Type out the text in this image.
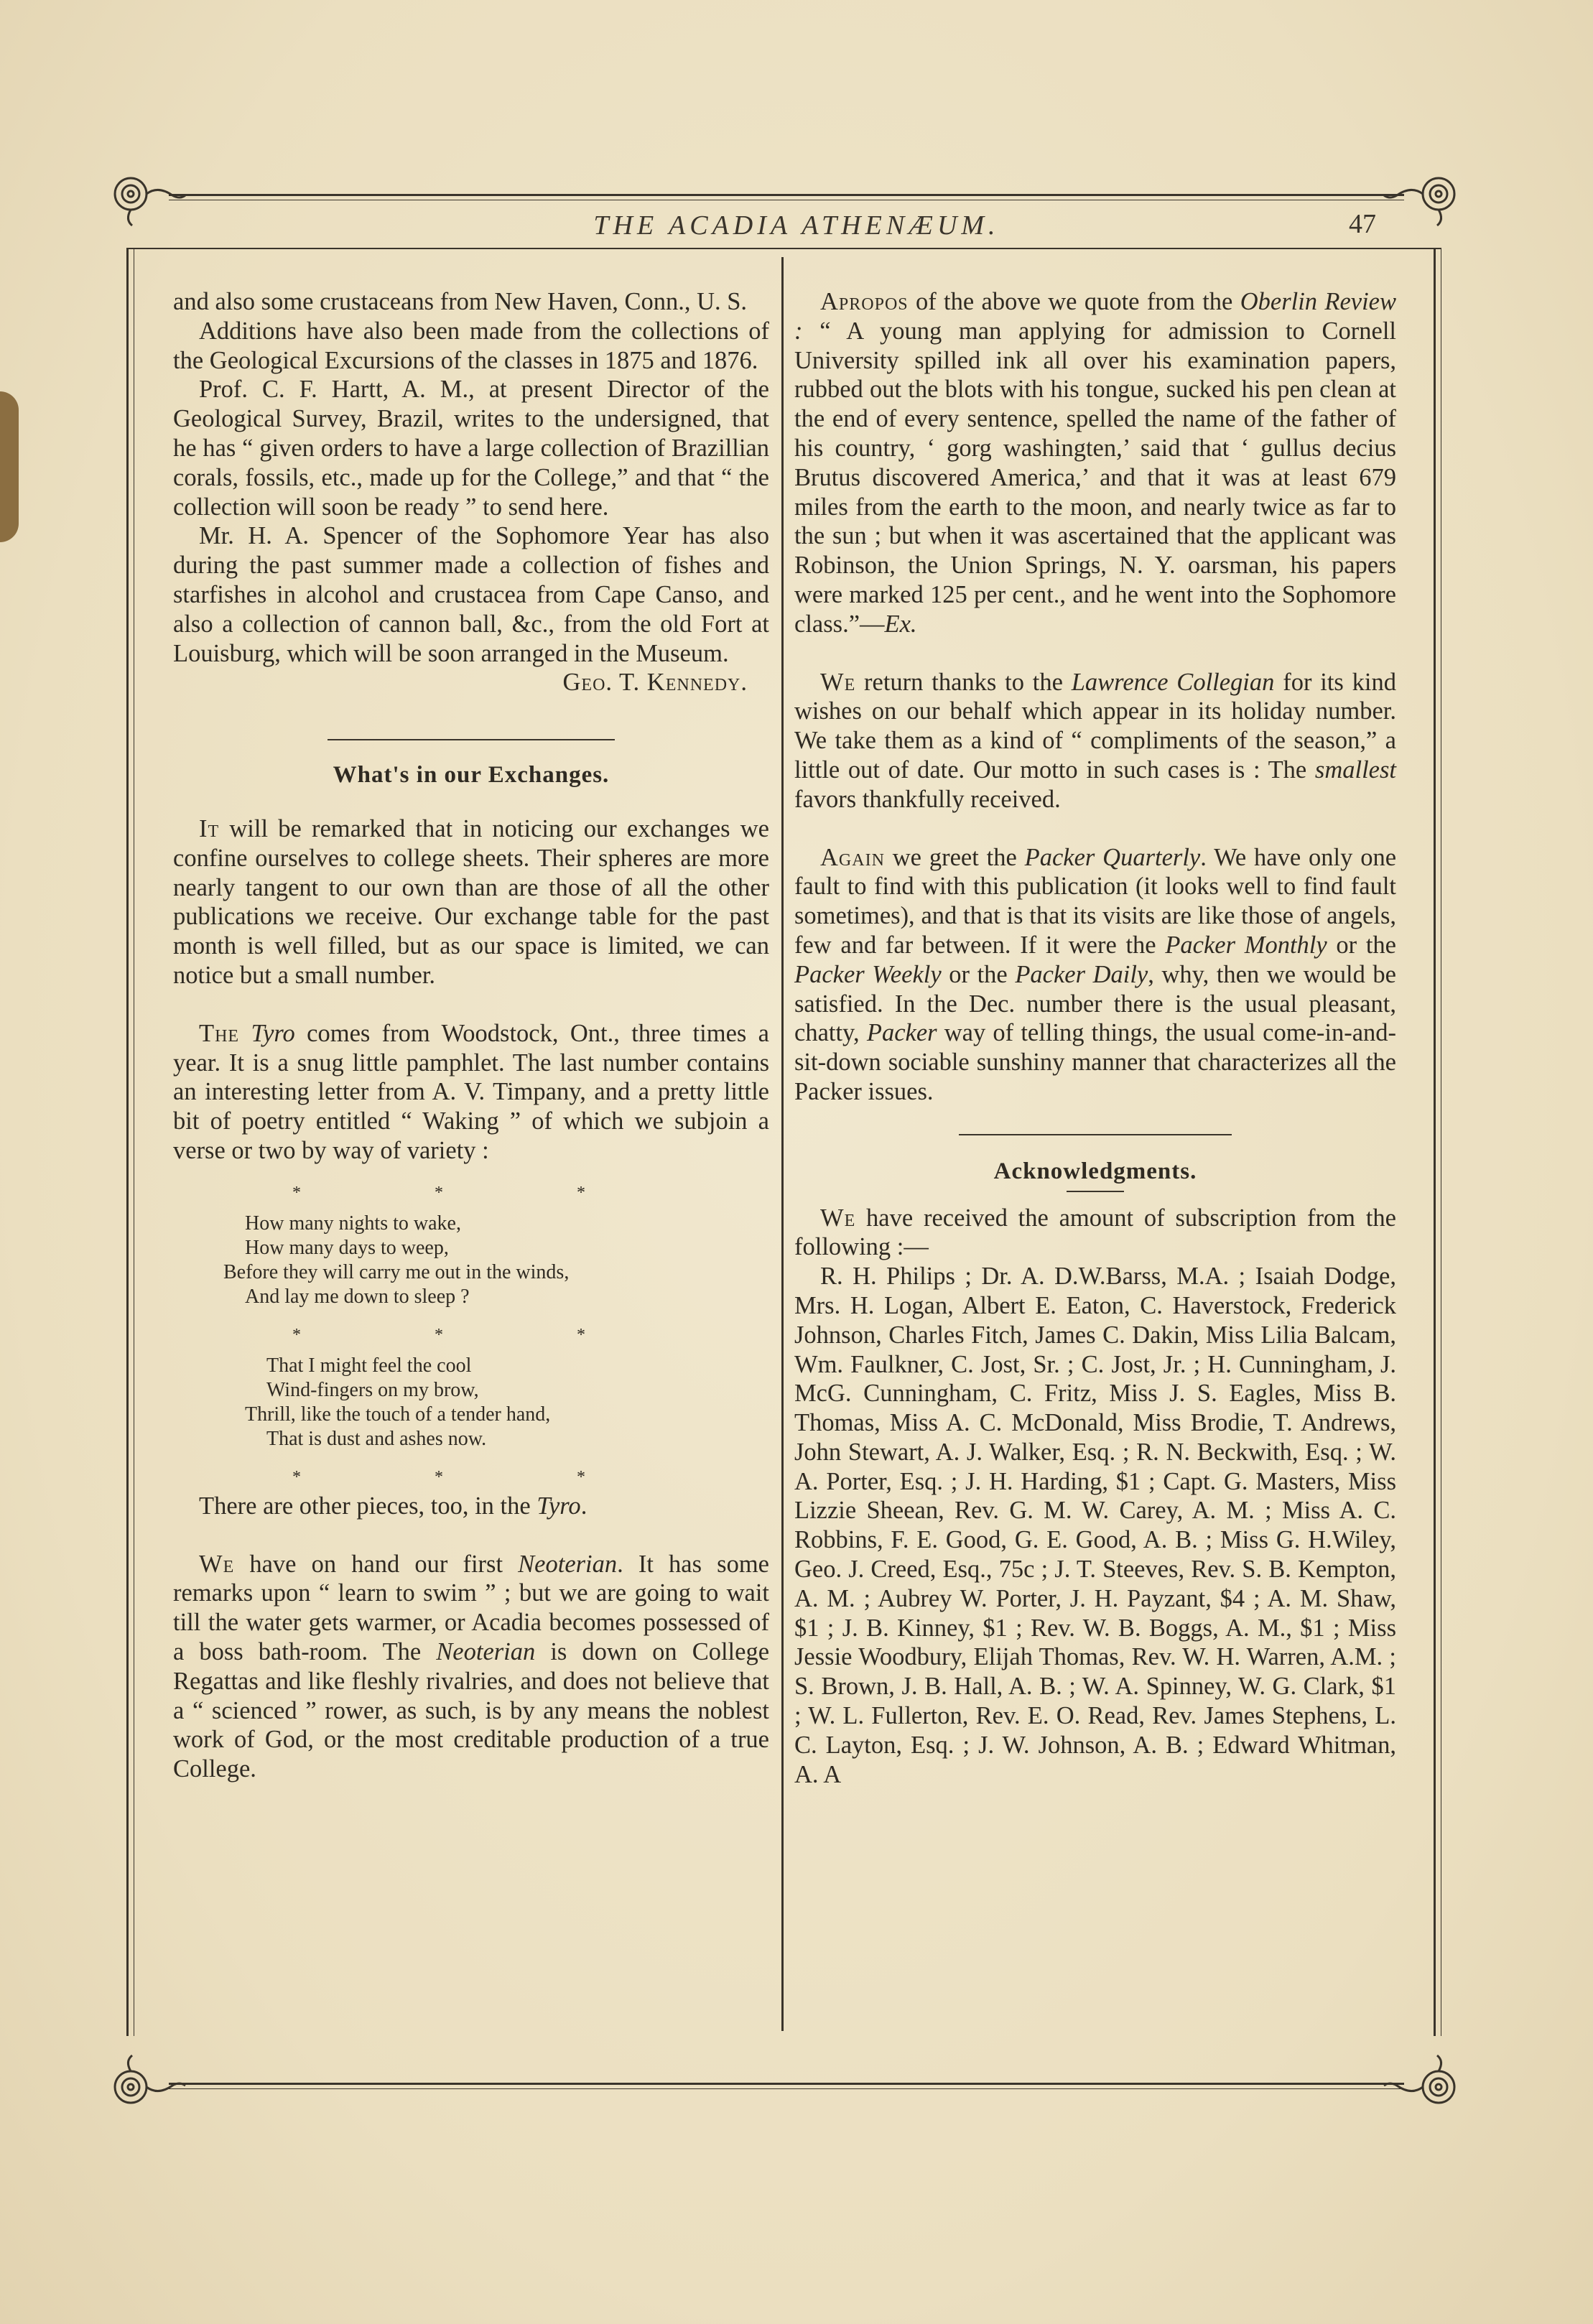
THE ACADIA ATHENÆUM.	47

and also some crustaceans from New Haven, Conn., U. S.

Additions have also been made from the collections of the Geological Excursions of the classes in 1875 and 1876.

Prof. C. F. Hartt, A. M., at present Director of the Geological Survey, Brazil, writes to the undersigned, that he has “ given orders to have a large collection of Brazillian corals, fossils, etc., made up for the College,” and that “ the collection will soon be ready ” to send here.

Mr. H. A. Spencer of the Sophomore Year has also during the past summer made a collection of fishes and starfishes in alcohol and crustacea from Cape Canso, and also a collection of cannon ball, &c., from the old Fort at Louisburg, which will be soon arranged in the Museum.

Geo. T. Kennedy.

What's in our Exchanges.

It will be remarked that in noticing our exchanges we confine ourselves to college sheets. Their spheres are more nearly tangent to our own than are those of all the other publications we receive. Our exchange table for the past month is well filled, but as our space is limited, we can notice but a small number.

The Tyro comes from Woodstock, Ont., three times a year. It is a snug little pamphlet. The last number contains an interesting letter from A. V. Timpany, and a pretty little bit of poetry entitled “ Waking ” of which we subjoin a verse or two by way of variety :

* * *
How many nights to wake,
How many days to weep,
Before they will carry me out in the winds,
And lay me down to sleep ?
* * *
That I might feel the cool
Wind-fingers on my brow,
Thrill, like the touch of a tender hand,
That is dust and ashes now.
* * *

There are other pieces, too, in the Tyro.

We have on hand our first Neoterian. It has some remarks upon “ learn to swim ” ; but we are going to wait till the water gets warmer, or Acadia becomes possessed of a boss bath-room. The Neoterian is down on College Regattas and like fleshly rivalries, and does not believe that a “ scienced ” rower, as such, is by any means the noblest work of God, or the most creditable production of a true College.

Apropos of the above we quote from the Oberlin Review : “ A young man applying for admission to Cornell University spilled ink all over his examination papers, rubbed out the blots with his tongue, sucked his pen clean at the end of every sentence, spelled the name of the father of his country, ‘ gorg washingten,’ said that ‘ gullus decius Brutus discovered America,’ and that it was at least 679 miles from the earth to the moon, and nearly twice as far to the sun ; but when it was ascertained that the applicant was Robinson, the Union Springs, N. Y. oarsman, his papers were marked 125 per cent., and he went into the Sophomore class.”—Ex.

We return thanks to the Lawrence Collegian for its kind wishes on our behalf which appear in its holiday number. We take them as a kind of “ compliments of the season,” a little out of date. Our motto in such cases is : The smallest favors thankfully received.

Again we greet the Packer Quarterly. We have only one fault to find with this publication (it looks well to find fault sometimes), and that is that its visits are like those of angels, few and far between. If it were the Packer Monthly or the Packer Weekly or the Packer Daily, why, then we would be satisfied. In the Dec. number there is the usual pleasant, chatty, Packer way of telling things, the usual come-in-and-sit-down sociable sunshiny manner that characterizes all the Packer issues.

Acknowledgments.

We have received the amount of subscription from the following :—

R. H. Philips ; Dr. A. D.W.Barss, M.A. ; Isaiah Dodge, Mrs. H. Logan, Albert E. Eaton, C. Haverstock, Frederick Johnson, Charles Fitch, James C. Dakin, Miss Lilia Balcam, Wm. Faulkner, C. Jost, Sr. ; C. Jost, Jr. ; H. Cunningham, J. McG. Cunningham, C. Fritz, Miss J. S. Eagles, Miss B. Thomas, Miss A. C. McDonald, Miss Brodie, T. Andrews, John Stewart, A. J. Walker, Esq. ; R. N. Beckwith, Esq. ; W. A. Porter, Esq. ; J. H. Harding, $1 ; Capt. G. Masters, Miss Lizzie Sheean, Rev. G. M. W. Carey, A. M. ; Miss A. C. Robbins, F. E. Good, G. E. Good, A. B. ; Miss G. H.Wiley, Geo. J. Creed, Esq., 75c ; J. T. Steeves, Rev. S. B. Kempton, A. M. ; Aubrey W. Porter, J. H. Payzant, $4 ; A. M. Shaw, $1 ; J. B. Kinney, $1 ; Rev. W. B. Boggs, A. M., $1 ; Miss Jessie Woodbury, Elijah Thomas, Rev. W. H. Warren, A.M. ; S. Brown, J. B. Hall, A. B. ; W. A. Spinney, W. G. Clark, $1 ; W. L. Fullerton, Rev. E. O. Read, Rev. James Stephens, L. C. Layton, Esq. ; J. W. Johnson, A. B. ; Edward Whitman, A. A
